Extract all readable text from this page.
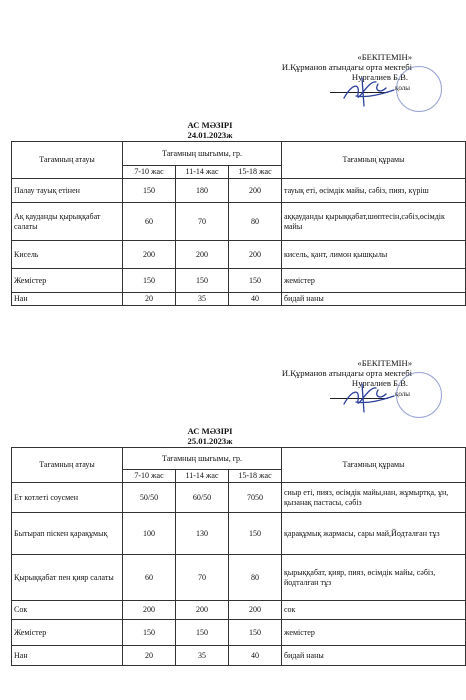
«БЕКІТЕМІН»
И.Құрманов атындағы орта мектебі
Нургалиев Б.В.
қолы
АС МӘЗІРІ
24.01.2023ж
Тағамның атауы	Тағамның шығымы, гр.			Тағамның құрамы
	7-10 жас	11-14 жас	15-18 жас	
Палау тауық етінен	150	180	200	тауық еті, өсімдік майы, сәбіз, пияз, күріш
Ақ қауданды қырыққабат салаты	60	70	80	аққауданды қырыққабат,шөптесін,сәбіз,өсімдік майы
Кисель	200	200	200	кисель, қант, лимон қышқылы
Жемістер	150	150	150	жемістер
Нан	20	35	40	бидай наны
«БЕКІТЕМІН»
И.Құрманов атындағы орта мектебі
Нургалиев Б.В.
қолы
АС МӘЗІРІ
25.01.2023ж
Тағамның атауы	Тағамның шығымы, гр.			Тағамның құрамы
	7-10 жас	11-14 жас	15-18 жас	
Ет котлеті соусмен	50/50	60/50	7050	сиыр еті, пияз, өсімдік майы,нан, жұмыртқа, ұн, қызанақ пастасы, сәбіз
Бытырап піскен қарақұмық	100	130	150	қарақұмық жармасы, сары май,Йодталған тұз
Қырыққабат пен қияр салаты	60	70	80	қырыққабат, қияр, пияз, өсімдік майы, сәбіз, йодталған тұз
Сок	200	200	200	сок
Жемістер	150	150	150	жемістер
Нан	20	35	40	бидай наны
